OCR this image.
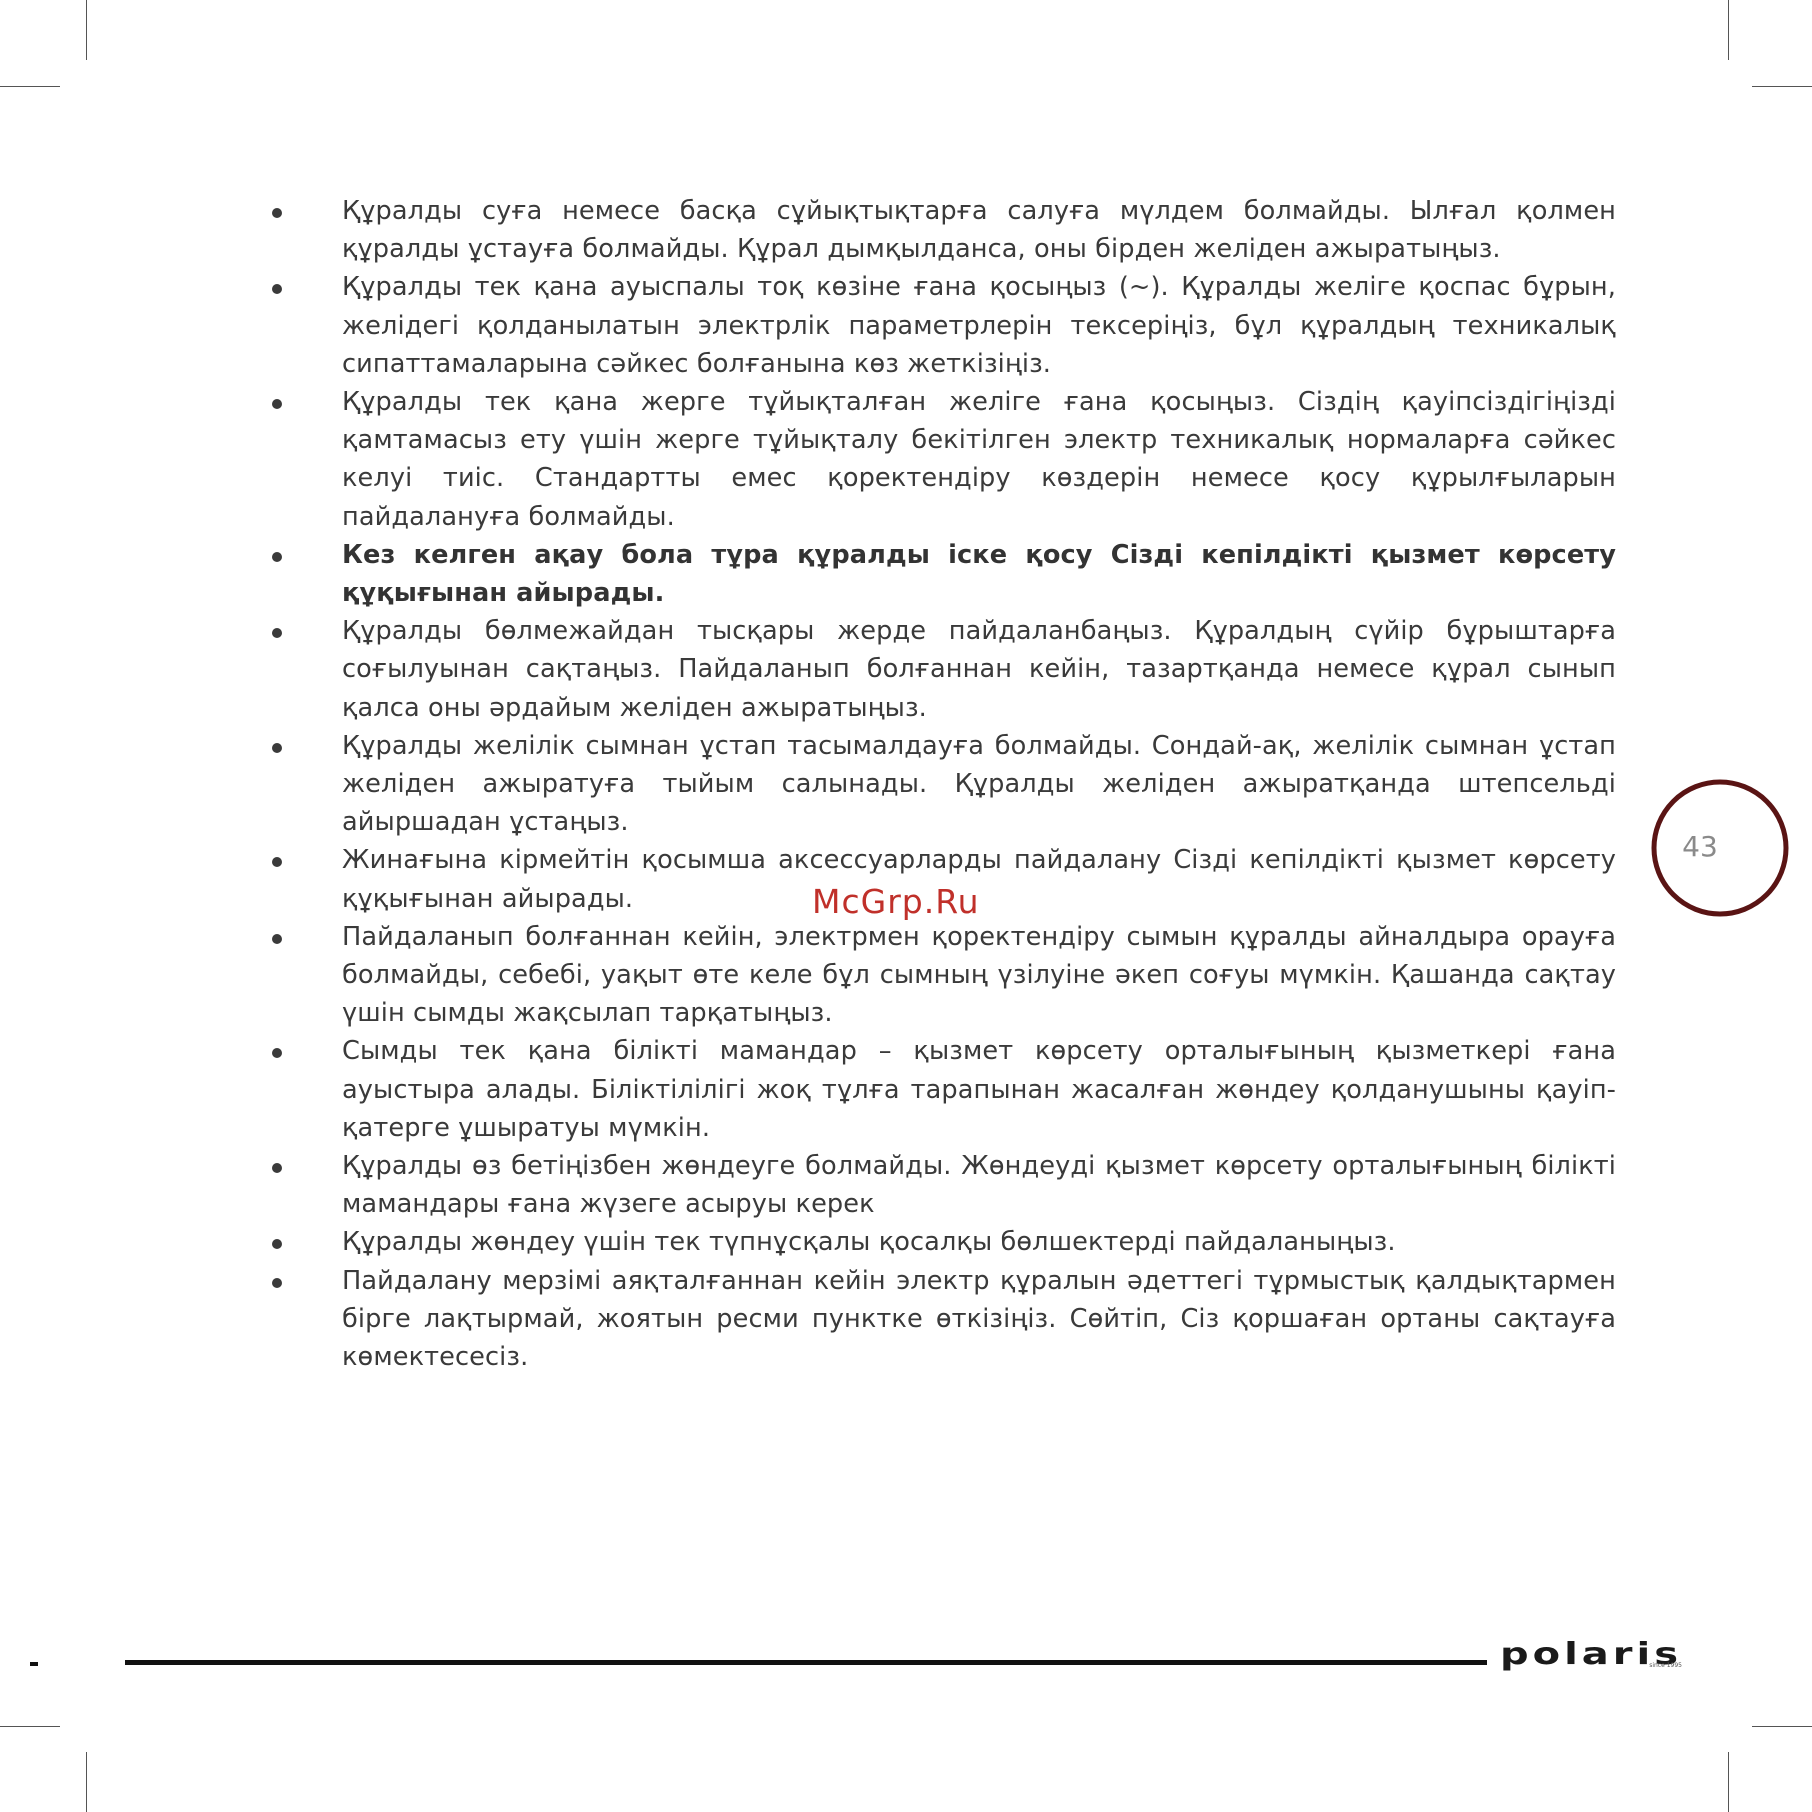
Құралды суға немесе басқа сұйықтықтарға салуға мүлдем болмайды. Ылғал қолмен құралды ұстауға болмайды. Құрал дымқылданса, оны бірден желіден ажыратыңыз.
Құралды тек қана ауыспалы тоқ көзіне ғана қосыңыз (~). Құралды желіге қоспас бұрын, желідегі қолданылатын электрлік параметрлерін тексеріңіз, бұл құралдың техникалық сипаттамаларына сәйкес болғанына көз жеткізіңіз.
Құралды тек қана жерге тұйықталған желіге ғана қосыңыз. Сіздің қауіпсіздігіңізді қамтамасыз ету үшін жерге тұйықталу бекітілген электр техникалық нормаларға сәйкес келуі тиіс. Стандартты емес қоректендіру көздерін немесе қосу құрылғыларын пайдалануға болмайды.
Кез келген ақау бола тұра құралды іске қосу Сізді кепілдікті қызмет көрсету құқығынан айырады.
Құралды бөлмежайдан тысқары жерде пайдаланбаңыз. Құралдың сүйір бұрыштарға соғылуынан сақтаңыз. Пайдаланып болғаннан кейін, тазартқанда немесе құрал сынып қалса оны әрдайым желіден ажыратыңыз.
Құралды желілік сымнан ұстап тасымалдауға болмайды. Сондай-ақ, желілік сымнан ұстап желіден ажыратуға тыйым салынады. Құралды желіден ажыратқанда штепсельді айыршадан ұстаңыз.
Жинағына кірмейтін қосымша аксессуарларды пайдалану Сізді кепілдікті қызмет көрсету құқығынан айырады.
Пайдаланып болғаннан кейін, электрмен қоректендіру сымын құралды айналдыра орауға болмайды, себебі, уақыт өте келе бұл сымның үзілуіне әкеп соғуы мүмкін. Қашанда сақтау үшін сымды жақсылап тарқатыңыз.
Сымды тек қана білікті мамандар – қызмет көрсету орталығының қызметкері ғана ауыстыра алады. Біліктілілігі жоқ тұлға тарапынан жасалған жөндеу қолданушыны қауіп-қатерге ұшыратуы мүмкін.
Құралды өз бетіңізбен жөндеуге болмайды. Жөндеуді қызмет көрсету орталығының білікті мамандары ғана жүзеге асыруы керек
Құралды жөндеу үшін тек түпнұсқалы қосалқы бөлшектерді пайдаланыңыз.
Пайдалану мерзімі аяқталғаннан кейін электр құралын әдеттегі тұрмыстық қалдықтармен бірге лақтырмай, жоятын ресми пунктке өткізіңіз. Сөйтіп, Сіз қоршаған ортаны сақтауға көмектесесіз.
McGrp.Ru
43
polaris
since 1995
